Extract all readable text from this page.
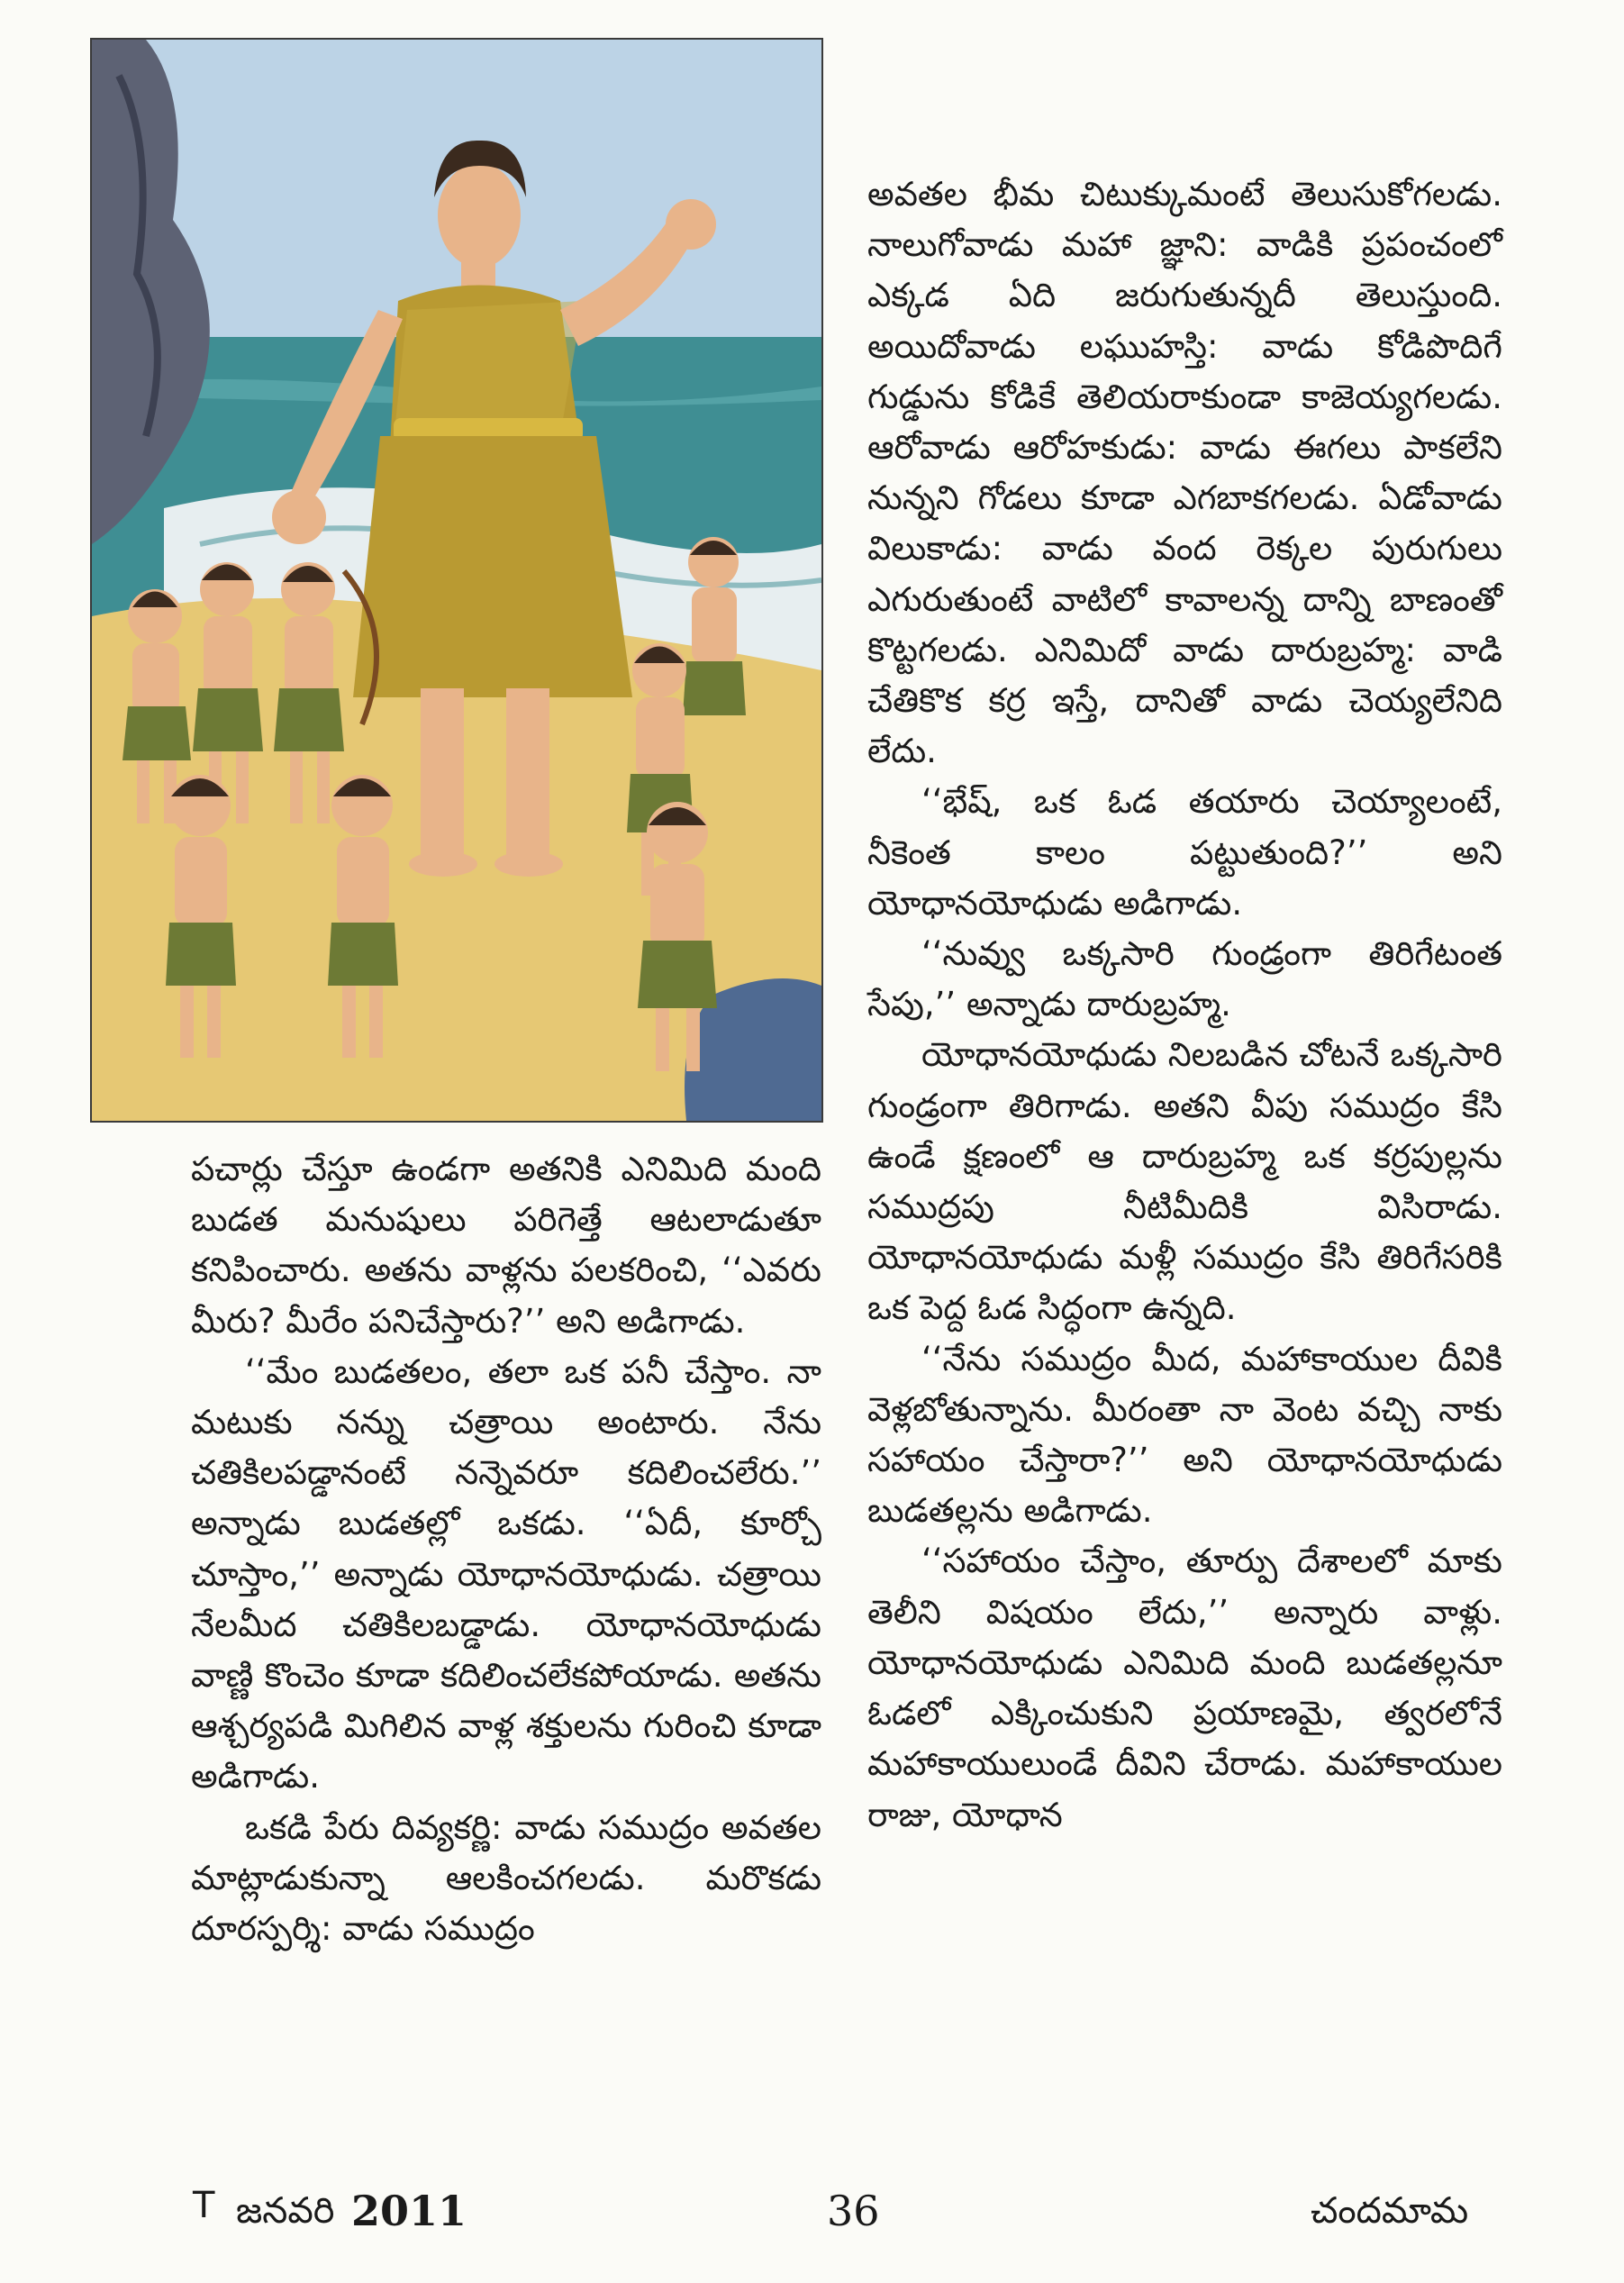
పచార్లు చేస్తూ ఉండగా అతనికి ఎనిమిది మంది బుడత మనుషులు పరిగెత్తే ఆటలాడుతూ కనిపించారు. అతను వాళ్లను పలకరించి, ‘‘ఎవరు మీరు? మీరేం పనిచేస్తారు?’’ అని అడిగాడు.

‘‘మేం బుడతలం, తలా ఒక పనీ చేస్తాం. నా మటుకు నన్ను చత్రాయి అంటారు. నేను చతికిలపడ్డానంటే నన్నెవరూ కదిలించలేరు.’’ అన్నాడు బుడతల్లో ఒకడు. ‘‘ఏదీ, కూర్చో చూస్తాం,’’ అన్నాడు యోధానయోధుడు. చత్రాయి నేలమీద చతికిలబడ్డాడు. యోధానయోధుడు వాణ్ణి కొంచెం కూడా కదిలించలేకపోయాడు. అతను ఆశ్చర్యపడి మిగిలిన వాళ్ల శక్తులను గురించి కూడా అడిగాడు.

ఒకడి పేరు దివ్యకర్ణి: వాడు సముద్రం అవతల మాట్లాడుకున్నా ఆలకించగలడు. మరొకడు దూరస్పర్శి: వాడు సముద్రం

అవతల భీమ చిటుక్కుమంటే తెలుసుకోగలడు. నాలుగోవాడు మహా జ్ఞాని: వాడికి ప్రపంచంలో ఎక్కడ ఏది జరుగుతున్నదీ తెలుస్తుంది. అయిదోవాడు లఘుహస్తి: వాడు కోడిపొదిగే గుడ్డును కోడికే తెలియరాకుండా కాజెయ్యగలడు. ఆరోవాడు ఆరోహకుడు: వాడు ఈగలు పాకలేని నున్నని గోడలు కూడా ఎగబాకగలడు. ఏడోవాడు విలుకాడు: వాడు వంద రెక్కల పురుగులు ఎగురుతుంటే వాటిలో కావాలన్న దాన్ని బాణంతో కొట్టగలడు. ఎనిమిదో వాడు దారుబ్రహ్మ: వాడి చేతికొక కర్ర ఇస్తే, దానితో వాడు చెయ్యలేనిది లేదు.

‘‘భేష్, ఒక ఓడ తయారు చెయ్యాలంటే, నీకెంత కాలం పట్టుతుంది?’’ అని యోధానయోధుడు అడిగాడు.

‘‘నువ్వు ఒక్కసారి గుండ్రంగా తిరిగేటంత సేపు,’’ అన్నాడు దారుబ్రహ్మ.

యోధానయోధుడు నిలబడిన చోటనే ఒక్కసారి గుండ్రంగా తిరిగాడు. అతని వీపు సముద్రం కేసి ఉండే క్షణంలో ఆ దారుబ్రహ్మ ఒక కర్రపుల్లను సముద్రపు నీటిమీదికి విసిరాడు. యోధానయోధుడు మళ్లీ సముద్రం కేసి తిరిగేసరికి ఒక పెద్ద ఓడ సిద్ధంగా ఉన్నది.

‘‘నేను సముద్రం మీద, మహాకాయుల దీవికి వెళ్లబోతున్నాను. మీరంతా నా వెంట వచ్చి నాకు సహాయం చేస్తారా?’’ అని యోధానయోధుడు బుడతల్లను అడిగాడు.

‘‘సహాయం చేస్తాం, తూర్పు దేశాలలో మాకు తెలీని విషయం లేదు,’’ అన్నారు వాళ్లు. యోధానయోధుడు ఎనిమిది మంది బుడతల్లనూ ఓడలో ఎక్కించుకుని ప్రయాణమై, త్వరలోనే మహాకాయులుండే దీవిని చేరాడు. మహాకాయుల రాజు, యోధాన

T జనవరి 2011	36	చందమామ
